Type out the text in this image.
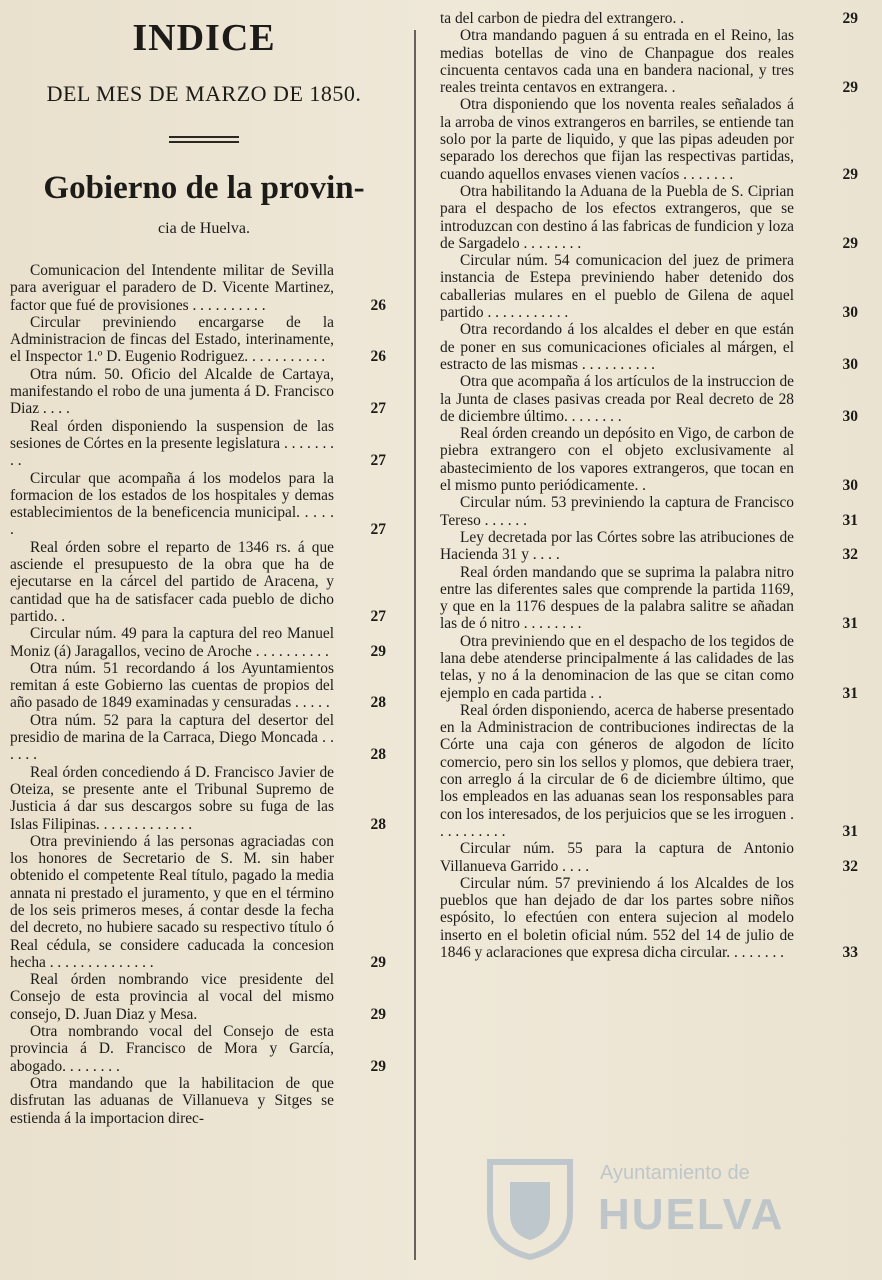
INDICE
DEL MES DE MARZO DE 1850.
Gobierno de la provin-
cia de Huelva.
Comunicacion del Intendente militar de Sevilla para averiguar el paradero de D. Vicente Martinez, factor que fué de provisiones . . . . . . . . . .	26
Circular previniendo encargarse de la Administracion de fincas del Estado, interinamente, el Inspector 1.º D. Eugenio Rodriguez. . . . . . . . . . .	26
Otra núm. 50. Oficio del Alcalde de Cartaya, manifestando el robo de una jumenta á D. Francisco Diaz . . . .	27
Real órden disponiendo la suspension de las sesiones de Córtes en la presente legislatura . . . . . . . . .	27
Circular que acompaña á los modelos para la formacion de los estados de los hospitales y demas establecimientos de la beneficencia municipal. . . . . .	27
Real órden sobre el reparto de 1346 rs. á que asciende el presupuesto de la obra que ha de ejecutarse en la cárcel del partido de Aracena, y cantidad que ha de satisfacer cada pueblo de dicho partido. .	27
Circular núm. 49 para la captura del reo Manuel Moniz (á) Jaragallos, vecino de Aroche . . . . . . . . . .	29
Otra núm. 51 recordando á los Ayuntamientos remitan á este Gobierno las cuentas de propios del año pasado de 1849 examinadas y censuradas . . . . .	28
Otra núm. 52 para la captura del desertor del presidio de marina de la Carraca, Diego Moncada . . . . . .	28
Real órden concediendo á D. Francisco Javier de Oteiza, se presente ante el Tribunal Supremo de Justicia á dar sus descargos sobre su fuga de las Islas Filipinas. . . . . . . . . . . . .	28
Otra previniendo á las personas agraciadas con los honores de Secretario de S. M. sin haber obtenido el competente Real título, pagado la media annata ni prestado el juramento, y que en el término de los seis primeros meses, á contar desde la fecha del decreto, no hubiere sacado su respectivo título ó Real cédula, se considere caducada la concesion hecha . . . . . . . . . . . . . .	29
Real órden nombrando vice presidente del Consejo de esta provincia al vocal del mismo consejo, D. Juan Diaz y Mesa.	29
Otra nombrando vocal del Consejo de esta provincia á D. Francisco de Mora y García, abogado. . . . . . . .	29
Otra mandando que la habilitacion de que disfrutan las aduanas de Villanueva y Sitges se estienda á la importacion direc-
ta del carbon de piedra del extrangero. .	29
Otra mandando paguen á su entrada en el Reino, las medias botellas de vino de Chanpague dos reales cincuenta centavos cada una en bandera nacional, y tres reales treinta centavos en extrangera. .	29
Otra disponiendo que los noventa reales señalados á la arroba de vinos extrangeros en barriles, se entiende tan solo por la parte de liquido, y que las pipas adeuden por separado los derechos que fijan las respectivas partidas, cuando aquellos envases vienen vacíos . . . . . . .	29
Otra habilitando la Aduana de la Puebla de S. Ciprian para el despacho de los efectos extrangeros, que se introduzcan con destino á las fabricas de fundicion y loza de Sargadelo . . . . . . . .	29
Circular núm. 54 comunicacion del juez de primera instancia de Estepa previniendo haber detenido dos caballerias mulares en el pueblo de Gilena de aquel partido . . . . . . . . . . .	30
Otra recordando á los alcaldes el deber en que están de poner en sus comunicaciones oficiales al márgen, el estracto de las mismas . . . . . . . . . .	30
Otra que acompaña á los artículos de la instruccion de la Junta de clases pasivas creada por Real decreto de 28 de diciembre último. . . . . . . .	30
Real órden creando un depósito en Vigo, de carbon de piebra extrangero con el objeto exclusivamente al abastecimiento de los vapores extrangeros, que tocan en el mismo punto periódicamente. .	30
Circular núm. 53 previniendo la captura de Francisco Tereso . . . . . .	31
Ley decretada por las Córtes sobre las atribuciones de Hacienda 31 y . . . .	32
Real órden mandando que se suprima la palabra nitro entre las diferentes sales que comprende la partida 1169, y que en la 1176 despues de la palabra salitre se añadan las de ó nitro . . . . . . . .	31
Otra previniendo que en el despacho de los tegidos de lana debe atenderse principalmente á las calidades de las telas, y no á la denominacion de las que se citan como ejemplo en cada partida . .	31
Real órden disponiendo, acerca de haberse presentado en la Administracion de contribuciones indirectas de la Córte una caja con géneros de algodon de lícito comercio, pero sin los sellos y plomos, que debiera traer, con arreglo á la circular de 6 de diciembre último, que los empleados en las aduanas sean los responsables para con los interesados, de los perjuicios que se les irroguen . . . . . . . . . .	31
Circular núm. 55 para la captura de Antonio Villanueva Garrido . . . .	32
Circular núm. 57 previniendo á los Alcaldes de los pueblos que han dejado de dar los partes sobre niños espósito, lo efectúen con entera sujecion al modelo inserto en el boletin oficial núm. 552 del 14 de julio de 1846 y aclaraciones que expresa dicha circular. . . . . . . .	33
Ayuntamiento de
HUELVA
